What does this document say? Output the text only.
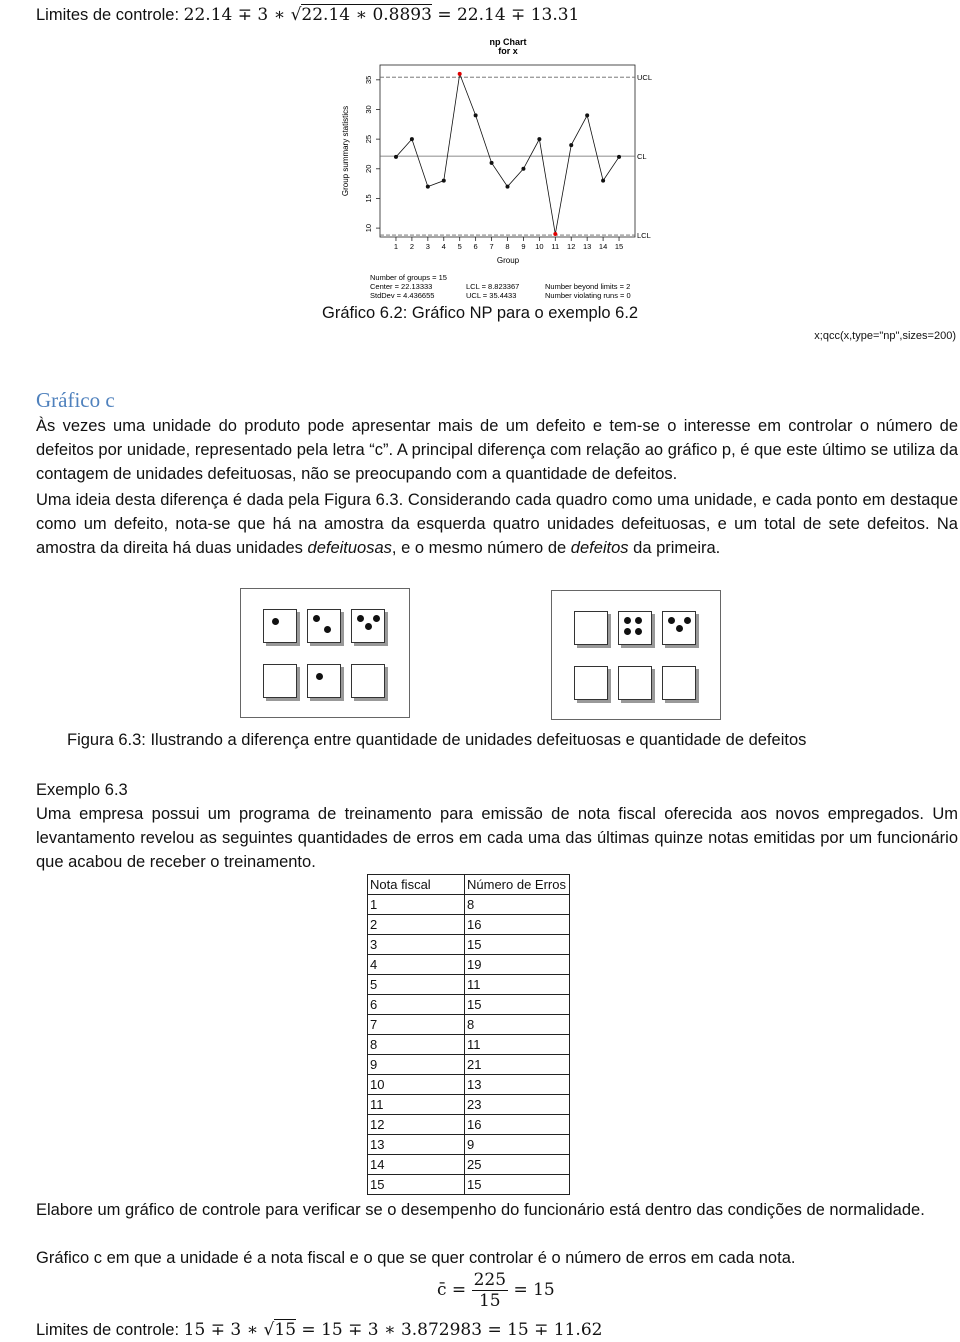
Limites de controle: 22.14 ∓ 3 ∗ √22.14 ∗ 0.8893 = 22.14 ∓ 13.31
np Chart
for x
Group summary statistics
Group
10
15
20
25
30
35
1 2 3 4 5 6 7 8 9 10 11 12 13 14 15
UCL
CL
LCL
Number of groups = 15
Center = 22.13333
StdDev = 4.436655
LCL = 8.823367
UCL = 35.4433
Number beyond limits = 2
Number violating runs = 0
Gráfico 6.2: Gráfico NP para o exemplo 6.2
x;qcc(x,type="np",sizes=200)
Gráfico c

Às vezes uma unidade do produto pode apresentar mais de um defeito e tem-se o interesse em controlar o número de defeitos por unidade, representado pela letra “c”. A principal diferença com relação ao gráfico p, é que este último se utiliza da contagem de unidades defeituosas, não se preocupando com a quantidade de defeitos.

Uma ideia desta diferença é dada pela Figura 6.3. Considerando cada quadro como uma unidade, e cada ponto em destaque como um defeito, nota-se que há na amostra da esquerda quatro unidades defeituosas, e um total de sete defeitos. Na amostra da direita há duas unidades defeituosas, e o mesmo número de defeitos da primeira.

Figura 6.3: Ilustrando a diferença entre quantidade de unidades defeituosas e quantidade de defeitos
Exemplo 6.3

Uma empresa possui um programa de treinamento para emissão de nota fiscal oferecida aos novos empregados. Um levantamento revelou as seguintes quantidades de erros em cada uma das últimas quinze notas emitidas por um funcionário que acabou de receber o treinamento.

Nota fiscal	Número de Erros
1	8
2	16
3	15
4	19
5	11
6	15
7	8
8	11
9	21
10	13
11	23
12	16
13	9
14	25
15	15

Elabore um gráfico de controle para verificar se o desempenho do funcionário está dentro das condições de normalidade.

Gráfico c em que a unidade é a nota fiscal e o que se quer controlar é o número de erros em cada nota.
c̄ = $\frac{225}{15} = 15$
Limites de controle: 15 ∓ 3 ∗ √15 = 15 ∓ 3 ∗ 3.872983 = 15 ∓ 11.62
